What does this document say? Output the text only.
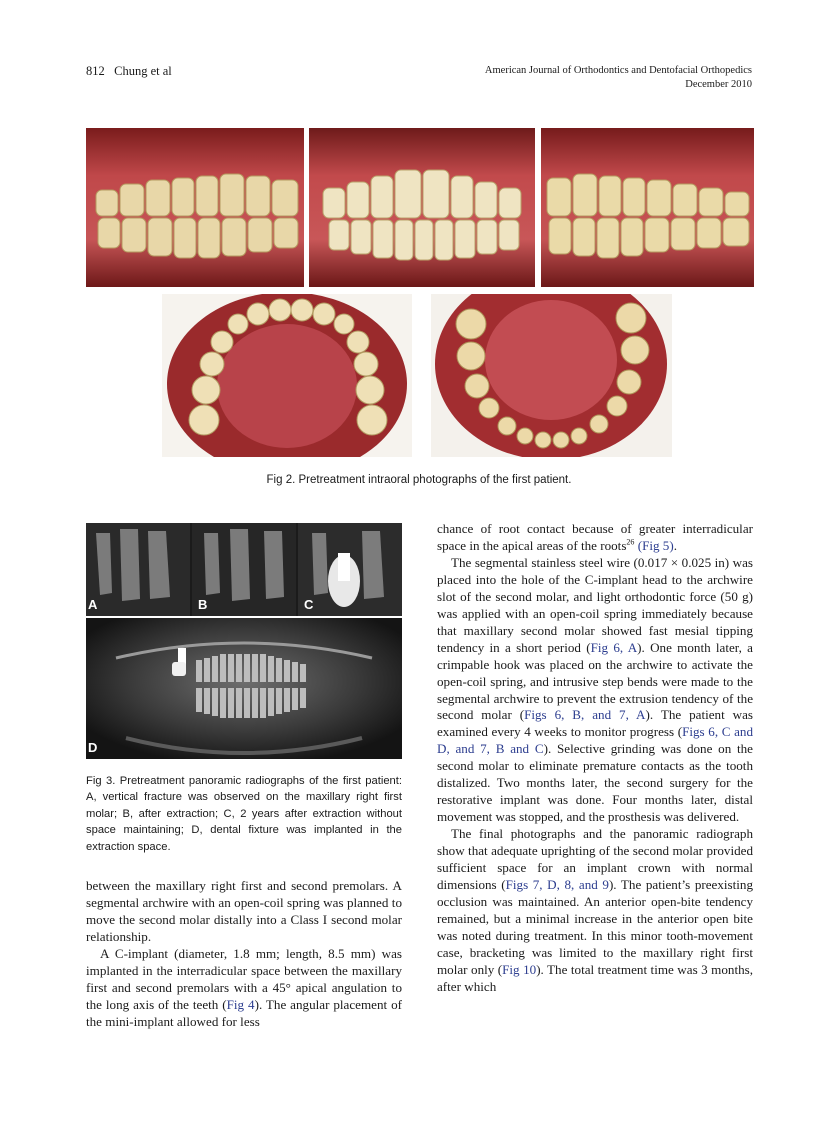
812 Chung et al	American Journal of Orthodontics and Dentofacial Orthopedics
December 2010
Fig 2. Pretreatment intraoral photographs of the first patient.
A	B	C
D
Fig 3. Pretreatment panoramic radiographs of the first patient: A, vertical fracture was observed on the maxillary right first molar; B, after extraction; C, 2 years after extraction without space maintaining; D, dental fixture was implanted in the extraction space.

between the maxillary right first and second premolars. A segmental archwire with an open-coil spring was planned to move the second molar distally into a Class I second molar relationship.

A C-implant (diameter, 1.8 mm; length, 8.5 mm) was implanted in the interradicular space between the maxillary first and second premolars with a 45° apical angulation to the long axis of the teeth (Fig 4). The angular placement of the mini-implant allowed for less

chance of root contact because of greater interradicular space in the apical areas of the roots$^{26}$ (Fig 5).

The segmental stainless steel wire (0.017 × 0.025 in) was placed into the hole of the C-implant head to the archwire slot of the second molar, and light orthodontic force (50 g) was applied with an open-coil spring immediately because that maxillary second molar showed fast mesial tipping tendency in a short period (Fig 6, A). One month later, a crimpable hook was placed on the archwire to activate the open-coil spring, and intrusive step bends were made to the segmental archwire to prevent the extrusion tendency of the second molar (Figs 6, B, and 7, A). The patient was examined every 4 weeks to monitor progress (Figs 6, C and D, and 7, B and C). Selective grinding was done on the second molar to eliminate premature contacts as the tooth distalized. Two months later, the second surgery for the restorative implant was done. Four months later, distal movement was stopped, and the prosthesis was delivered.

The final photographs and the panoramic radiograph show that adequate uprighting of the second molar provided sufficient space for an implant crown with normal dimensions (Figs 7, D, 8, and 9). The patient’s preexisting occlusion was maintained. An anterior open-bite tendency remained, but a minimal increase in the anterior open bite was noted during treatment. In this minor tooth-movement case, bracketing was limited to the maxillary right first molar only (Fig 10). The total treatment time was 3 months, after which
